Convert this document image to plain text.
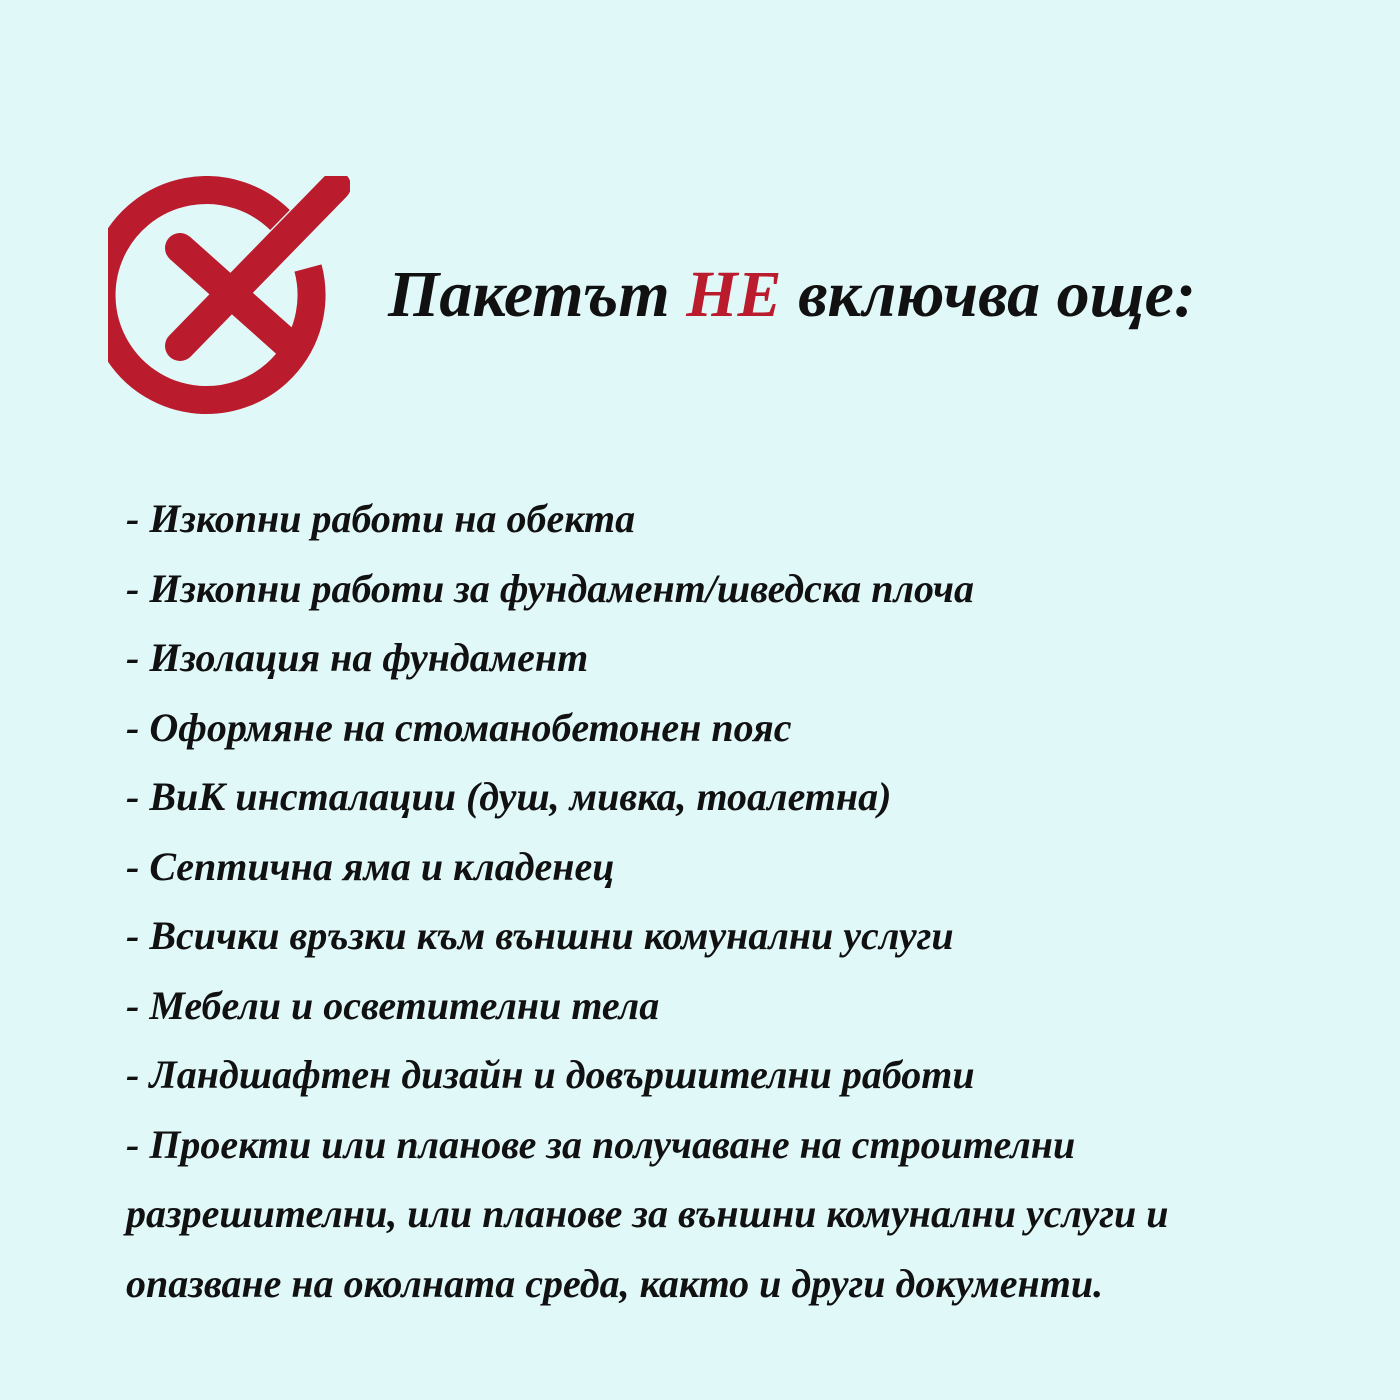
Пакетът НЕ включва още:
- Изкопни работи на обекта
- Изкопни работи за фундамент/шведска плоча
- Изолация на фундамент
- Оформяне на стоманобетонен пояс
- ВиК инсталации (душ, мивка, тоалетна)
- Септична яма и кладенец
- Всички връзки към външни комунални услуги
- Мебели и осветителни тела
- Ландшафтен дизайн и довършителни работи
- Проекти или планове за получаване на строителни разрешителни, или планове за външни комунални услуги и опазване на околната среда, както и други документи.
